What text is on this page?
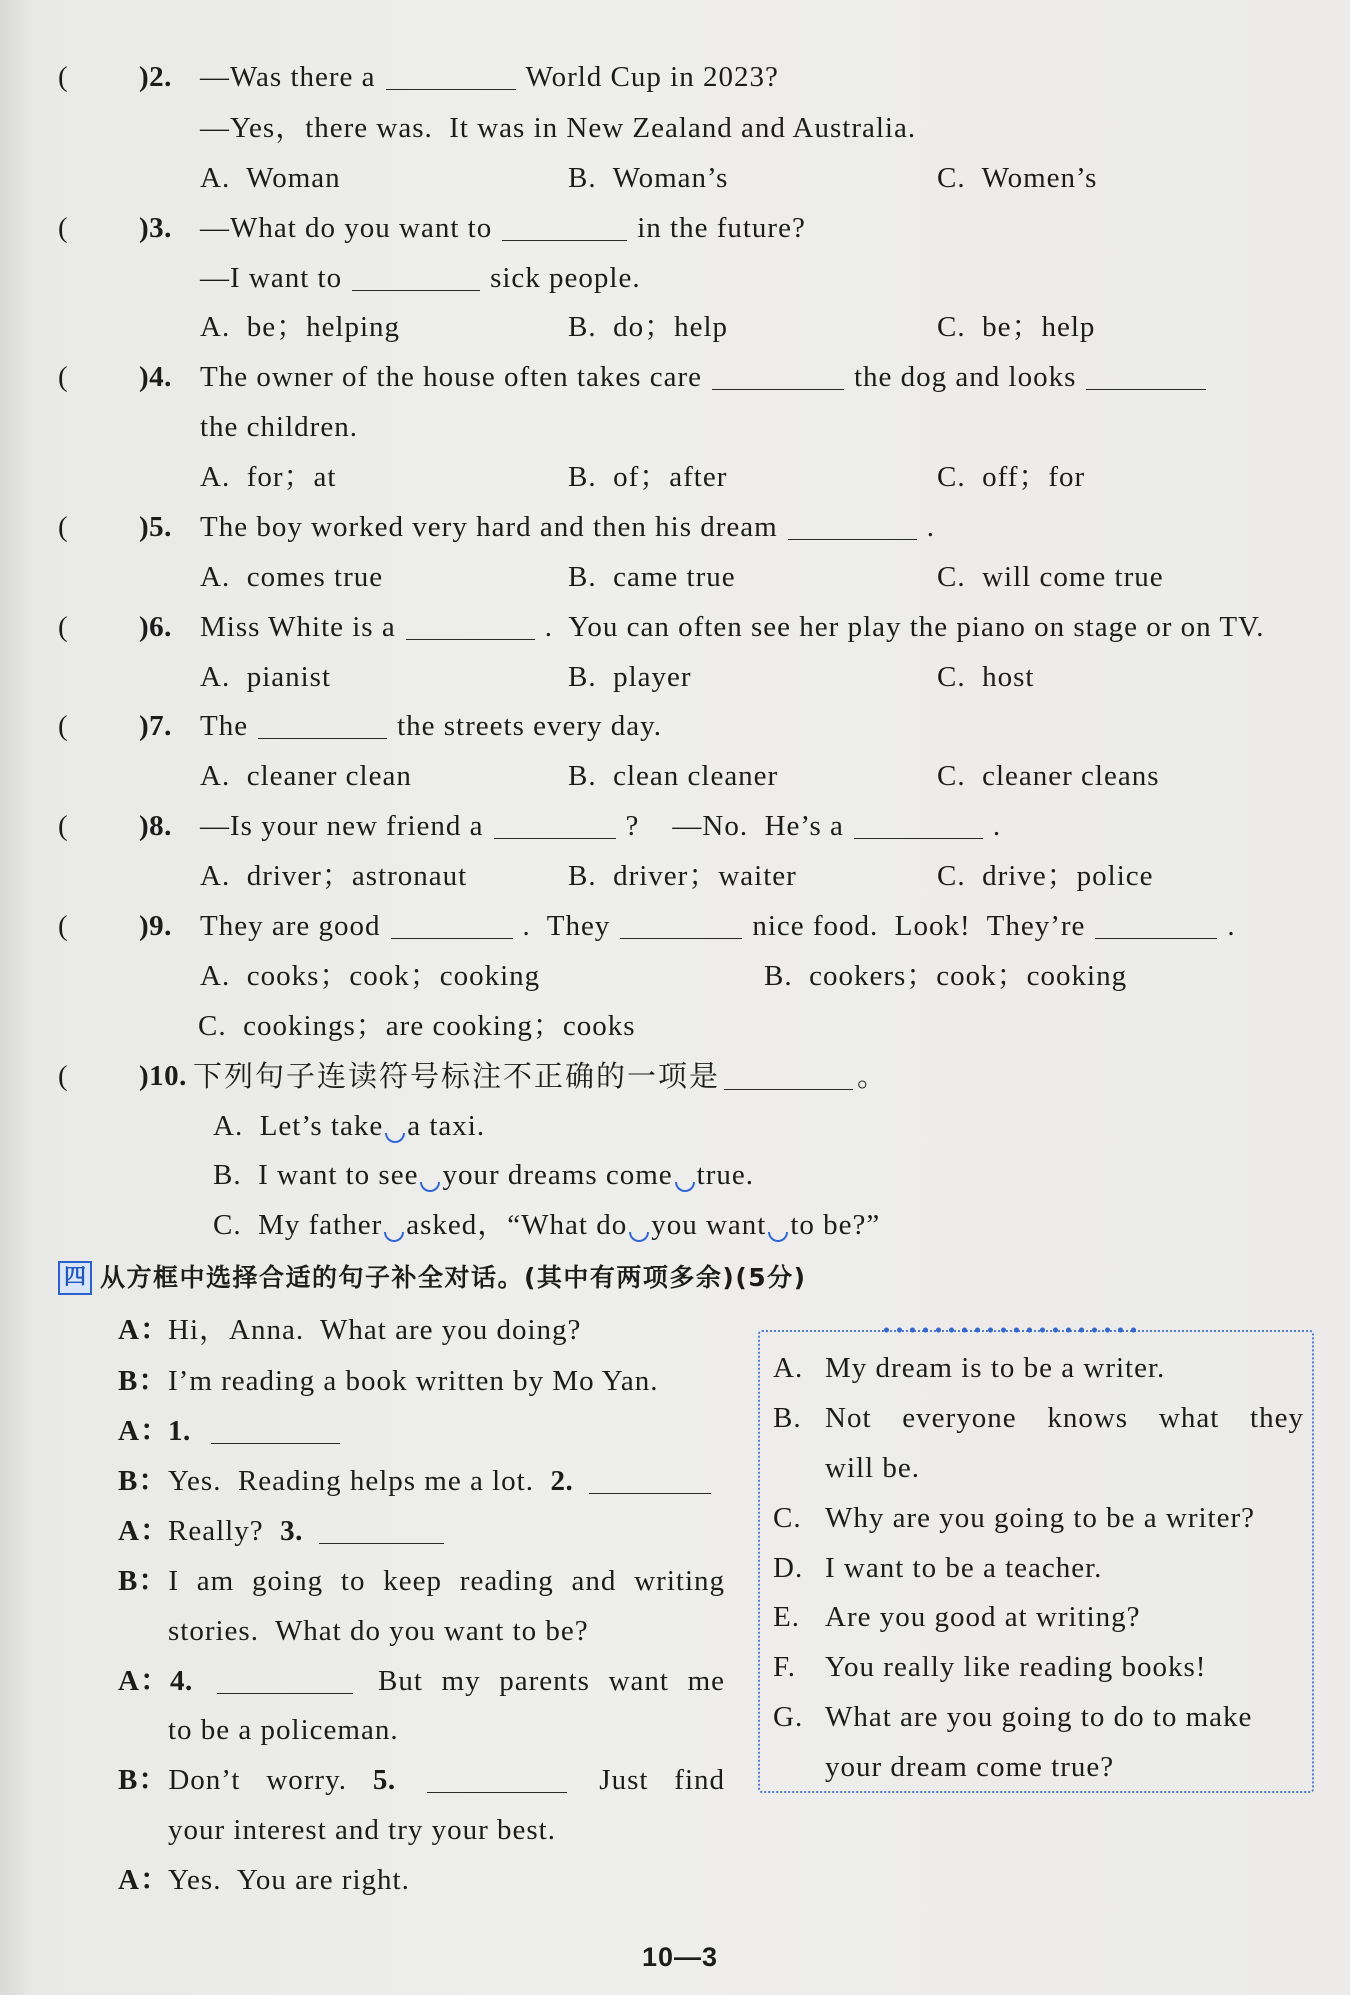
( )2. —Was there a	World Cup in 2023?
—Yes，there was.  It was in New Zealand and Australia.
A.  Woman	B.  Woman’s	C.  Women’s
( )3. —What do you want to	in the future?
—I want to	sick people.
A.  be；helping	B.  do；help	C.  be；help
( )4. The owner of the house often takes care	the dog and looks
the children.
A.  for；at	B.  of；after	C.  off；for
( )5. The boy worked very hard and then his dream	.
A.  comes true	B.  came true	C.  will come true
( )6. Miss White is a	.  You can often see her play the piano on stage or on TV.
A.  pianist	B.  player	C.  host
( )7. The	the streets every day.
A.  cleaner clean	B.  clean cleaner	C.  cleaner cleans
( )8. —Is your new friend a	?    —No.  He’s a	.
A.  driver；astronaut	B.  driver；waiter	C.  drive；police
( )9. They are good	.  They	nice food.  Look!  They’re	.
A.  cooks；cook；cooking	B.  cookers；cook；cooking
C.  cookings；are cooking；cooks
( )10. 下列句子连读符号标注不正确的一项是	。
A.  Let’s take a taxi.
B.  I want to see your dreams come true.
C.  My father asked，“What do you want to be?”
四 从方框中选择合适的句子补全对话。(其中有两项多余)(5分)
A：Hi，Anna.  What are you doing?
B：I’m reading a book written by Mo Yan.
A：1.
B：Yes.  Reading helps me a lot. 2.
A：Really? 3.
B：I am going to keep reading and writing
stories.  What do you want to be?
A：4.	But my parents want me
to be a policeman.
B：Don’t worry. 5.	Just find
your interest and try your best.
A：Yes.  You are right.
A. My dream is to be a writer.
B. Not everyone knows what they
will be.
C. Why are you going to be a writer?
D. I want to be a teacher.
E. Are you good at writing?
F. You really like reading books!
G. What are you going to do to make
your dream come true?
10—3
